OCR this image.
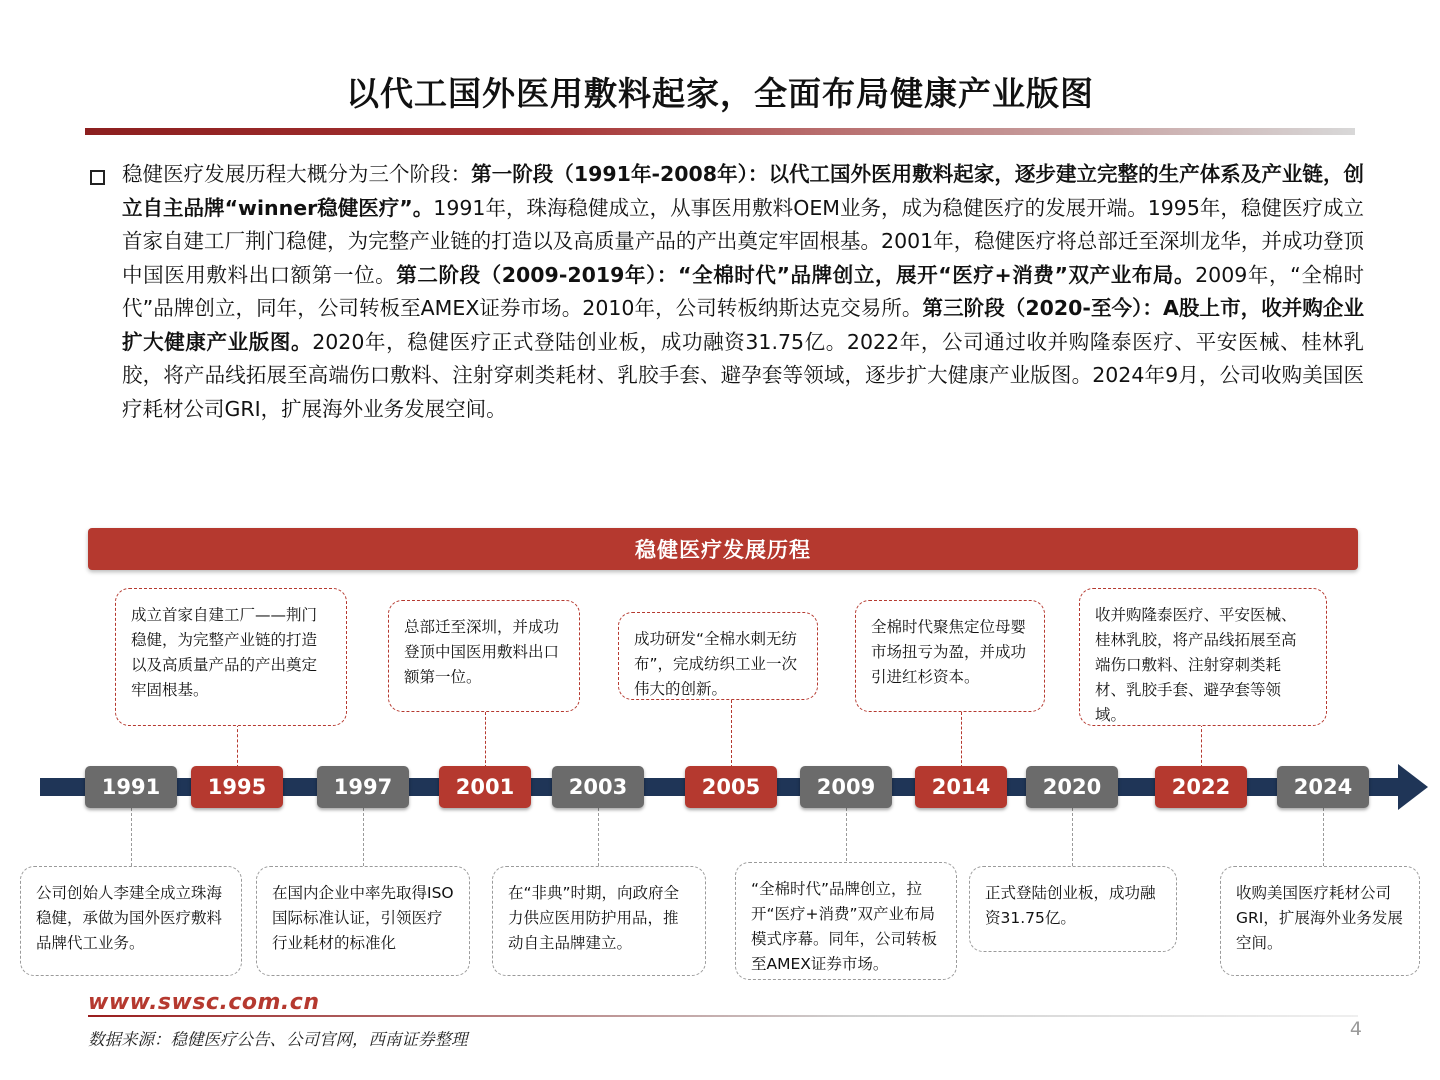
以代工国外医用敷料起家，全面布局健康产业版图
稳健医疗发展历程大概分为三个阶段：第一阶段（1991年-2008年）：以代工国外医用敷料起家，逐步建立完整的生产体系及产业链，创立自主品牌“winner稳健医疗”。1991年，珠海稳健成立，从事医用敷料OEM业务，成为稳健医疗的发展开端。1995年，稳健医疗成立首家自建工厂荆门稳健，为完整产业链的打造以及高质量产品的产出奠定牢固根基。2001年，稳健医疗将总部迁至深圳龙华，并成功登顶中国医用敷料出口额第一位。第二阶段（2009-2019年）：“全棉时代”品牌创立，展开“医疗+消费”双产业布局。2009年，“全棉时代”品牌创立，同年，公司转板至AMEX证券市场。2010年，公司转板纳斯达克交易所。第三阶段（2020-至今）：A股上市，收并购企业扩大健康产业版图。2020年，稳健医疗正式登陆创业板，成功融资31.75亿。2022年，公司通过收并购隆泰医疗、平安医械、桂林乳胶，将产品线拓展至高端伤口敷料、注射穿刺类耗材、乳胶手套、避孕套等领域，逐步扩大健康产业版图。2024年9月，公司收购美国医疗耗材公司GRI，扩展海外业务发展空间。
稳健医疗发展历程
成立首家自建工厂——荆门稳健，为完整产业链的打造以及高质量产品的产出奠定牢固根基。
总部迁至深圳，并成功登顶中国医用敷料出口额第一位。
成功研发“全棉水刺无纺布”，完成纺织工业一次伟大的创新。
全棉时代聚焦定位母婴市场扭亏为盈，并成功引进红杉资本。
收并购隆泰医疗、平安医械、桂林乳胶，将产品线拓展至高端伤口敷料、注射穿刺类耗材、乳胶手套、避孕套等领域。
1991 1995	1997	2001	2003	2005	2009	2014	2020	2022	2024
公司创始人李建全成立珠海稳健，承做为国外医疗敷料品牌代工业务。
在国内企业中率先取得ISO国际标准认证，引领医疗行业耗材的标准化
在“非典”时期，向政府全力供应医用防护用品，推动自主品牌建立。
“全棉时代”品牌创立，拉开“医疗+消费”双产业布局模式序幕。同年，公司转板至AMEX证券市场。
正式登陆创业板，成功融资31.75亿。
收购美国医疗耗材公司GRI，扩展海外业务发展空间。
www.swsc.com.cn
数据来源：稳健医疗公告、公司官网，西南证券整理	4
